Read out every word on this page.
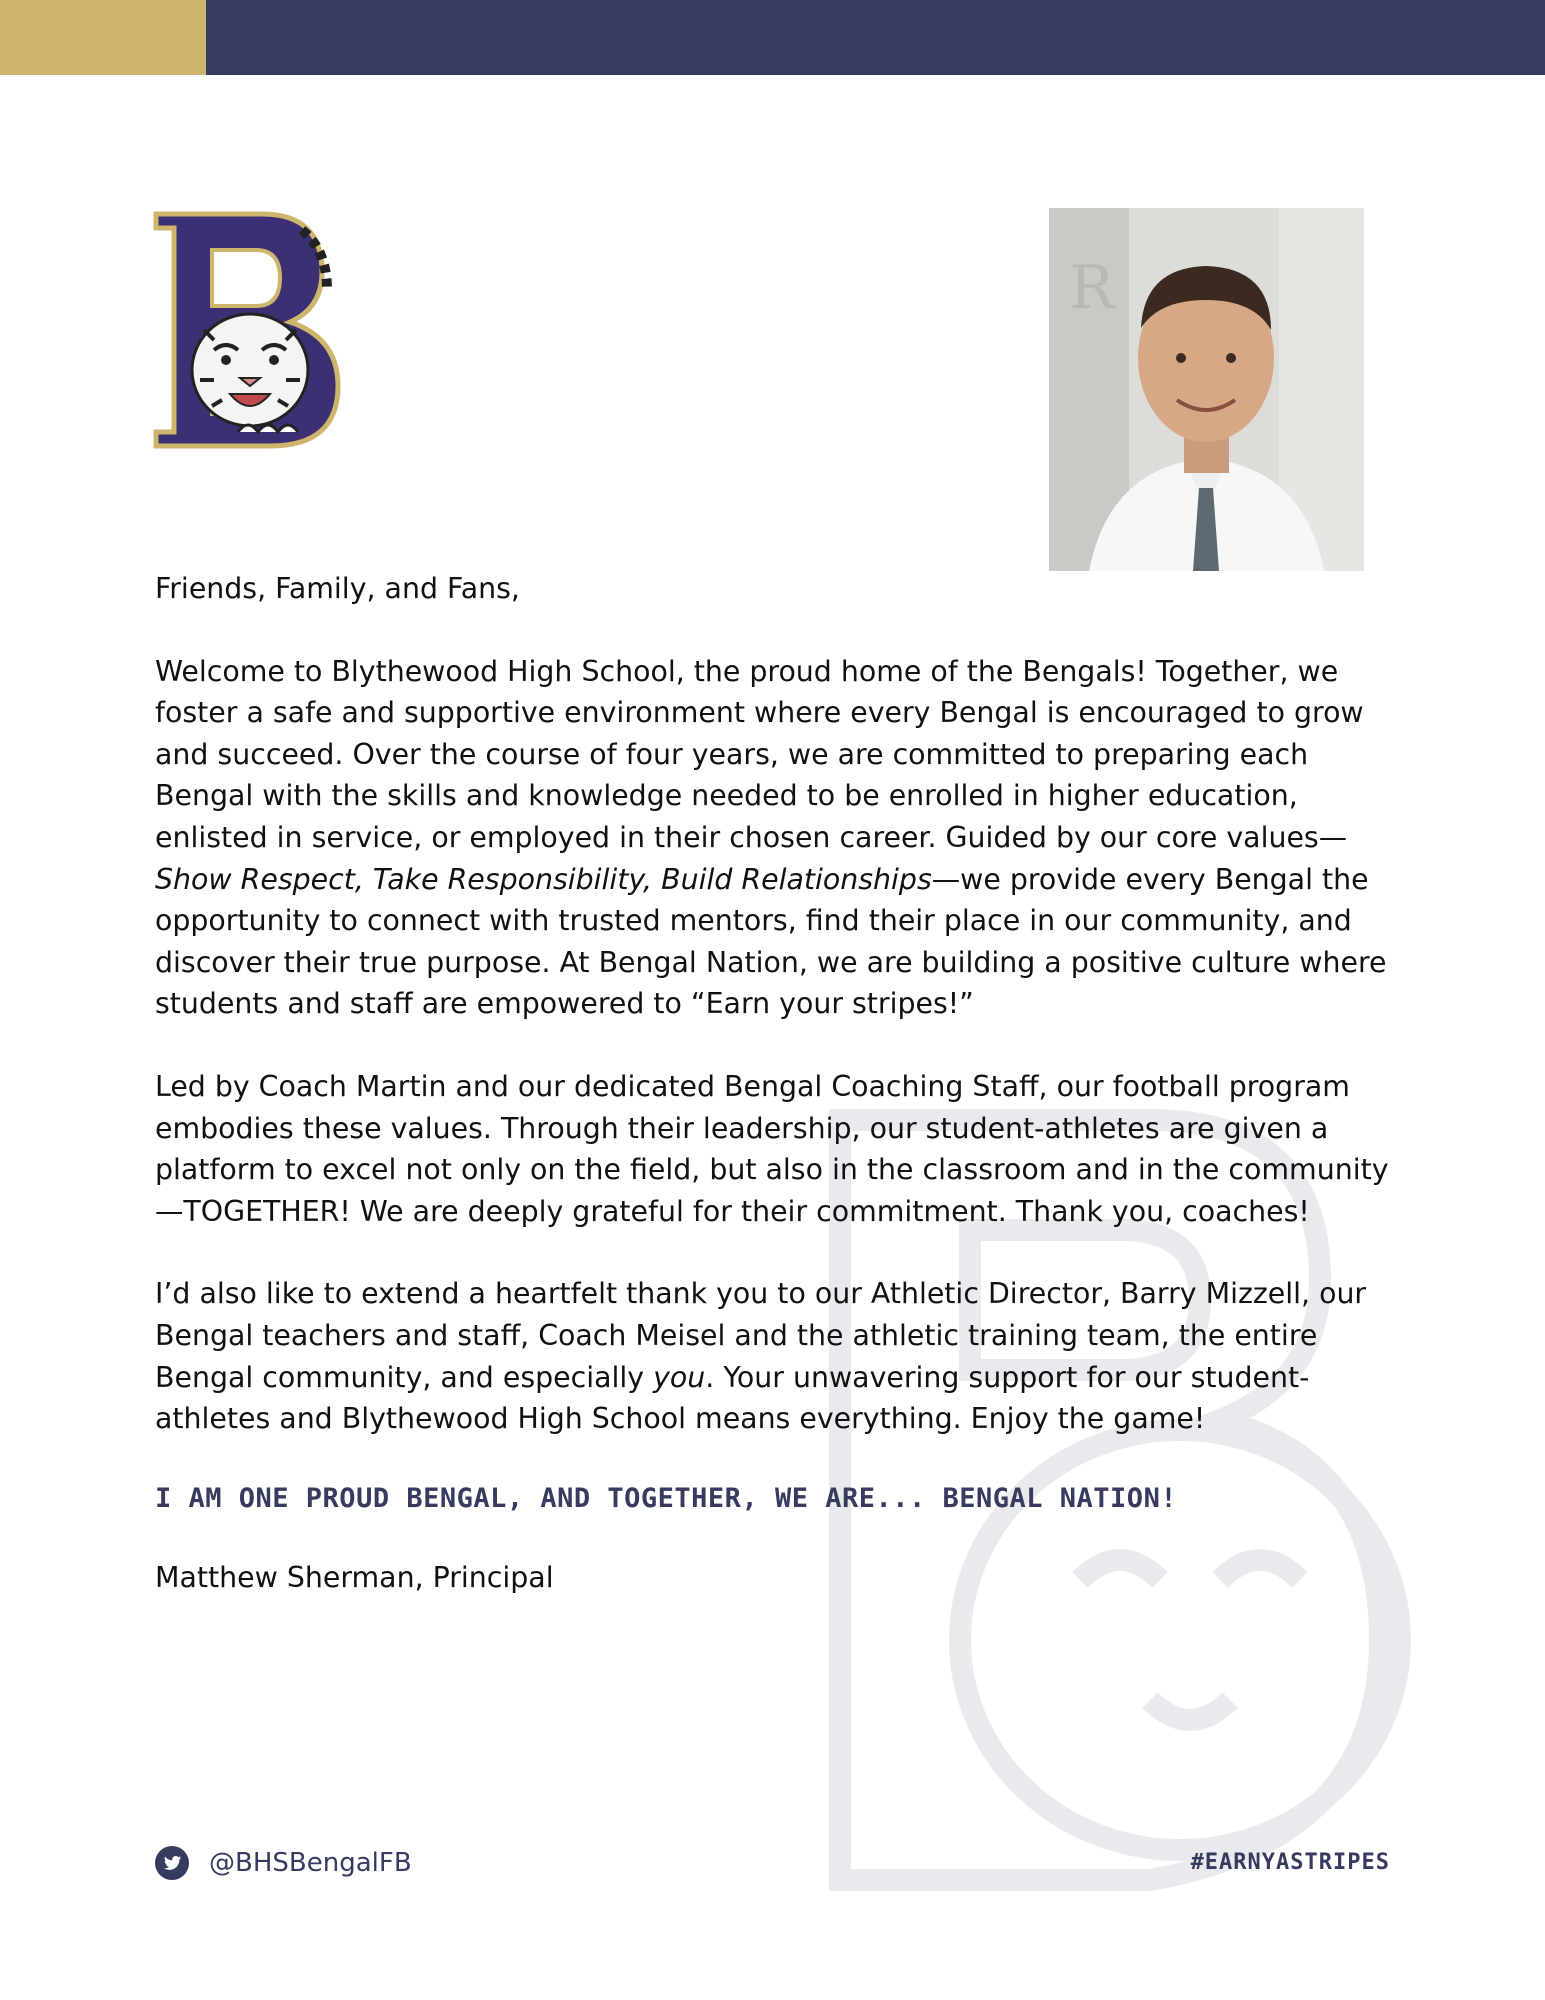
R

Friends, Family, and Fans,

Welcome to Blythewood High School, the proud home of the Bengals! Together, we foster a safe and supportive environment where every Bengal is encouraged to grow and succeed. Over the course of four years, we are committed to preparing each Bengal with the skills and knowledge needed to be enrolled in higher education, enlisted in service, or employed in their chosen career. Guided by our core values—Show Respect, Take Responsibility, Build Relationships—we provide every Bengal the opportunity to connect with trusted mentors, find their place in our community, and discover their true purpose. At Bengal Nation, we are building a positive culture where students and staff are empowered to “Earn your stripes!”

Led by Coach Martin and our dedicated Bengal Coaching Staff, our football program embodies these values. Through their leadership, our student-athletes are given a platform to excel not only on the field, but also in the classroom and in the community—TOGETHER! We are deeply grateful for their commitment. Thank you, coaches!

I’d also like to extend a heartfelt thank you to our Athletic Director, Barry Mizzell, our Bengal teachers and staff, Coach Meisel and the athletic training team, the entire Bengal community, and especially you. Your unwavering support for our student-athletes and Blythewood High School means everything. Enjoy the game!

I AM ONE PROUD BENGAL, AND TOGETHER, WE ARE... BENGAL NATION!

Matthew Sherman, Principal

@BHSBengalFB	#EARNYASTRIPES
